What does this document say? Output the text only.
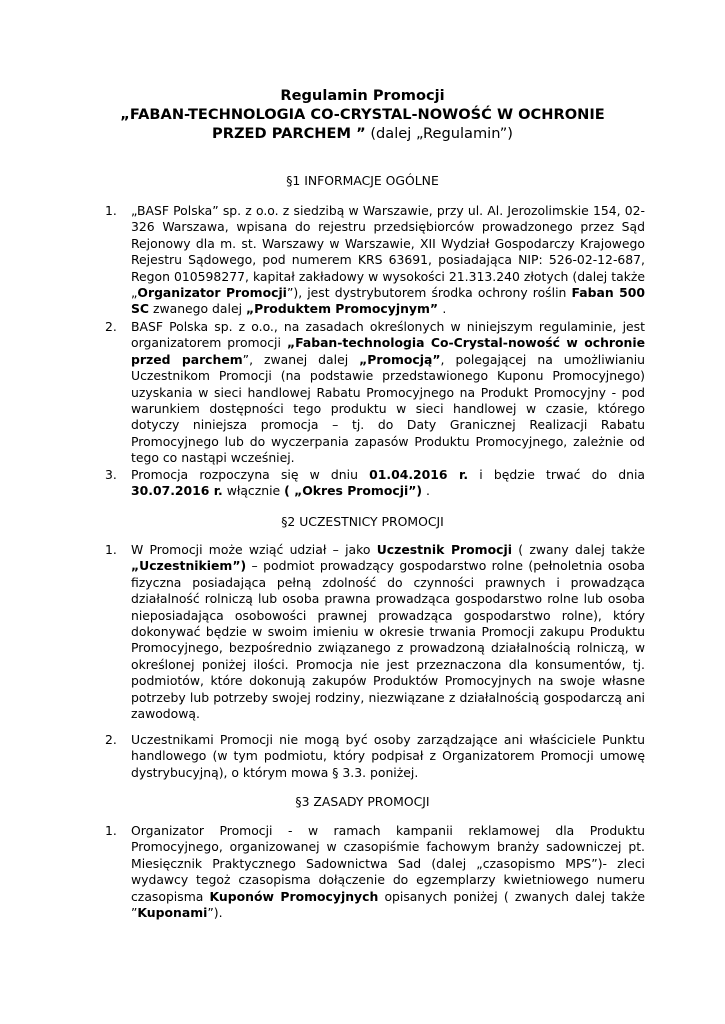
Regulamin Promocji
„FABAN-TECHNOLOGIA CO-CRYSTAL-NOWOŚĆ W OCHRONIE
PRZED PARCHEM ” (dalej „Regulamin”)
§1 INFORMACJE OGÓLNE
1. „BASF Polska” sp. z o.o. z siedzibą w Warszawie, przy ul. Al. Jerozolimskie 154, 02-326 Warszawa, wpisana do rejestru przedsiębiorców prowadzonego przez Sąd Rejonowy dla m. st. Warszawy w Warszawie, XII Wydział Gospodarczy Krajowego Rejestru Sądowego, pod numerem KRS 63691, posiadająca NIP: 526-02-12-687, Regon 010598277, kapitał zakładowy w wysokości 21.313.240 złotych (dalej także „Organizator Promocji”), jest dystrybutorem środka ochrony roślin Faban 500 SC zwanego dalej „Produktem Promocyjnym” .
2. BASF Polska sp. z o.o., na zasadach określonych w niniejszym regulaminie, jest organizatorem promocji „Faban-technologia Co-Crystal-nowość w ochronie przed parchem”, zwanej dalej „Promocją”, polegającej na umożliwianiu Uczestnikom Promocji (na podstawie przedstawionego Kuponu Promocyjnego) uzyskania w sieci handlowej Rabatu Promocyjnego na Produkt Promocyjny - pod warunkiem dostępności tego produktu w sieci handlowej w czasie, którego dotyczy niniejsza promocja – tj. do Daty Granicznej Realizacji Rabatu Promocyjnego lub do wyczerpania zapasów Produktu Promocyjnego, zależnie od tego co nastąpi wcześniej.
3. Promocja rozpoczyna się w dniu 01.04.2016 r. i będzie trwać do dnia 30.07.2016 r. włącznie ( „Okres Promocji”) .
§2 UCZESTNICY PROMOCJI
1. W Promocji może wziąć udział – jako Uczestnik Promocji ( zwany dalej także „Uczestnikiem”) – podmiot prowadzący gospodarstwo rolne (pełnoletnia osoba fizyczna posiadająca pełną zdolność do czynności prawnych i prowadząca działalność rolniczą lub osoba prawna prowadząca gospodarstwo rolne lub osoba nieposiadająca osobowości prawnej prowadząca gospodarstwo rolne), który dokonywać będzie w swoim imieniu w okresie trwania Promocji zakupu Produktu Promocyjnego, bezpośrednio związanego z prowadzoną działalnością rolniczą, w określonej poniżej ilości. Promocja nie jest przeznaczona dla konsumentów, tj. podmiotów, które dokonują zakupów Produktów Promocyjnych na swoje własne potrzeby lub potrzeby swojej rodziny, niezwiązane z działalnością gospodarczą ani zawodową.
2. Uczestnikami Promocji nie mogą być osoby zarządzające ani właściciele Punktu handlowego (w tym podmiotu, który podpisał z Organizatorem Promocji umowę dystrybucyjną), o którym mowa § 3.3. poniżej.
§3 ZASADY PROMOCJI
1. Organizator Promocji - w ramach kampanii reklamowej dla Produktu Promocyjnego, organizowanej w czasopiśmie fachowym branży sadowniczej pt. Miesięcznik Praktycznego Sadownictwa Sad (dalej „czasopismo MPS”)- zleci wydawcy tegoż czasopisma dołączenie do egzemplarzy kwietniowego numeru czasopisma Kuponów Promocyjnych opisanych poniżej ( zwanych dalej także ”Kuponami”).
